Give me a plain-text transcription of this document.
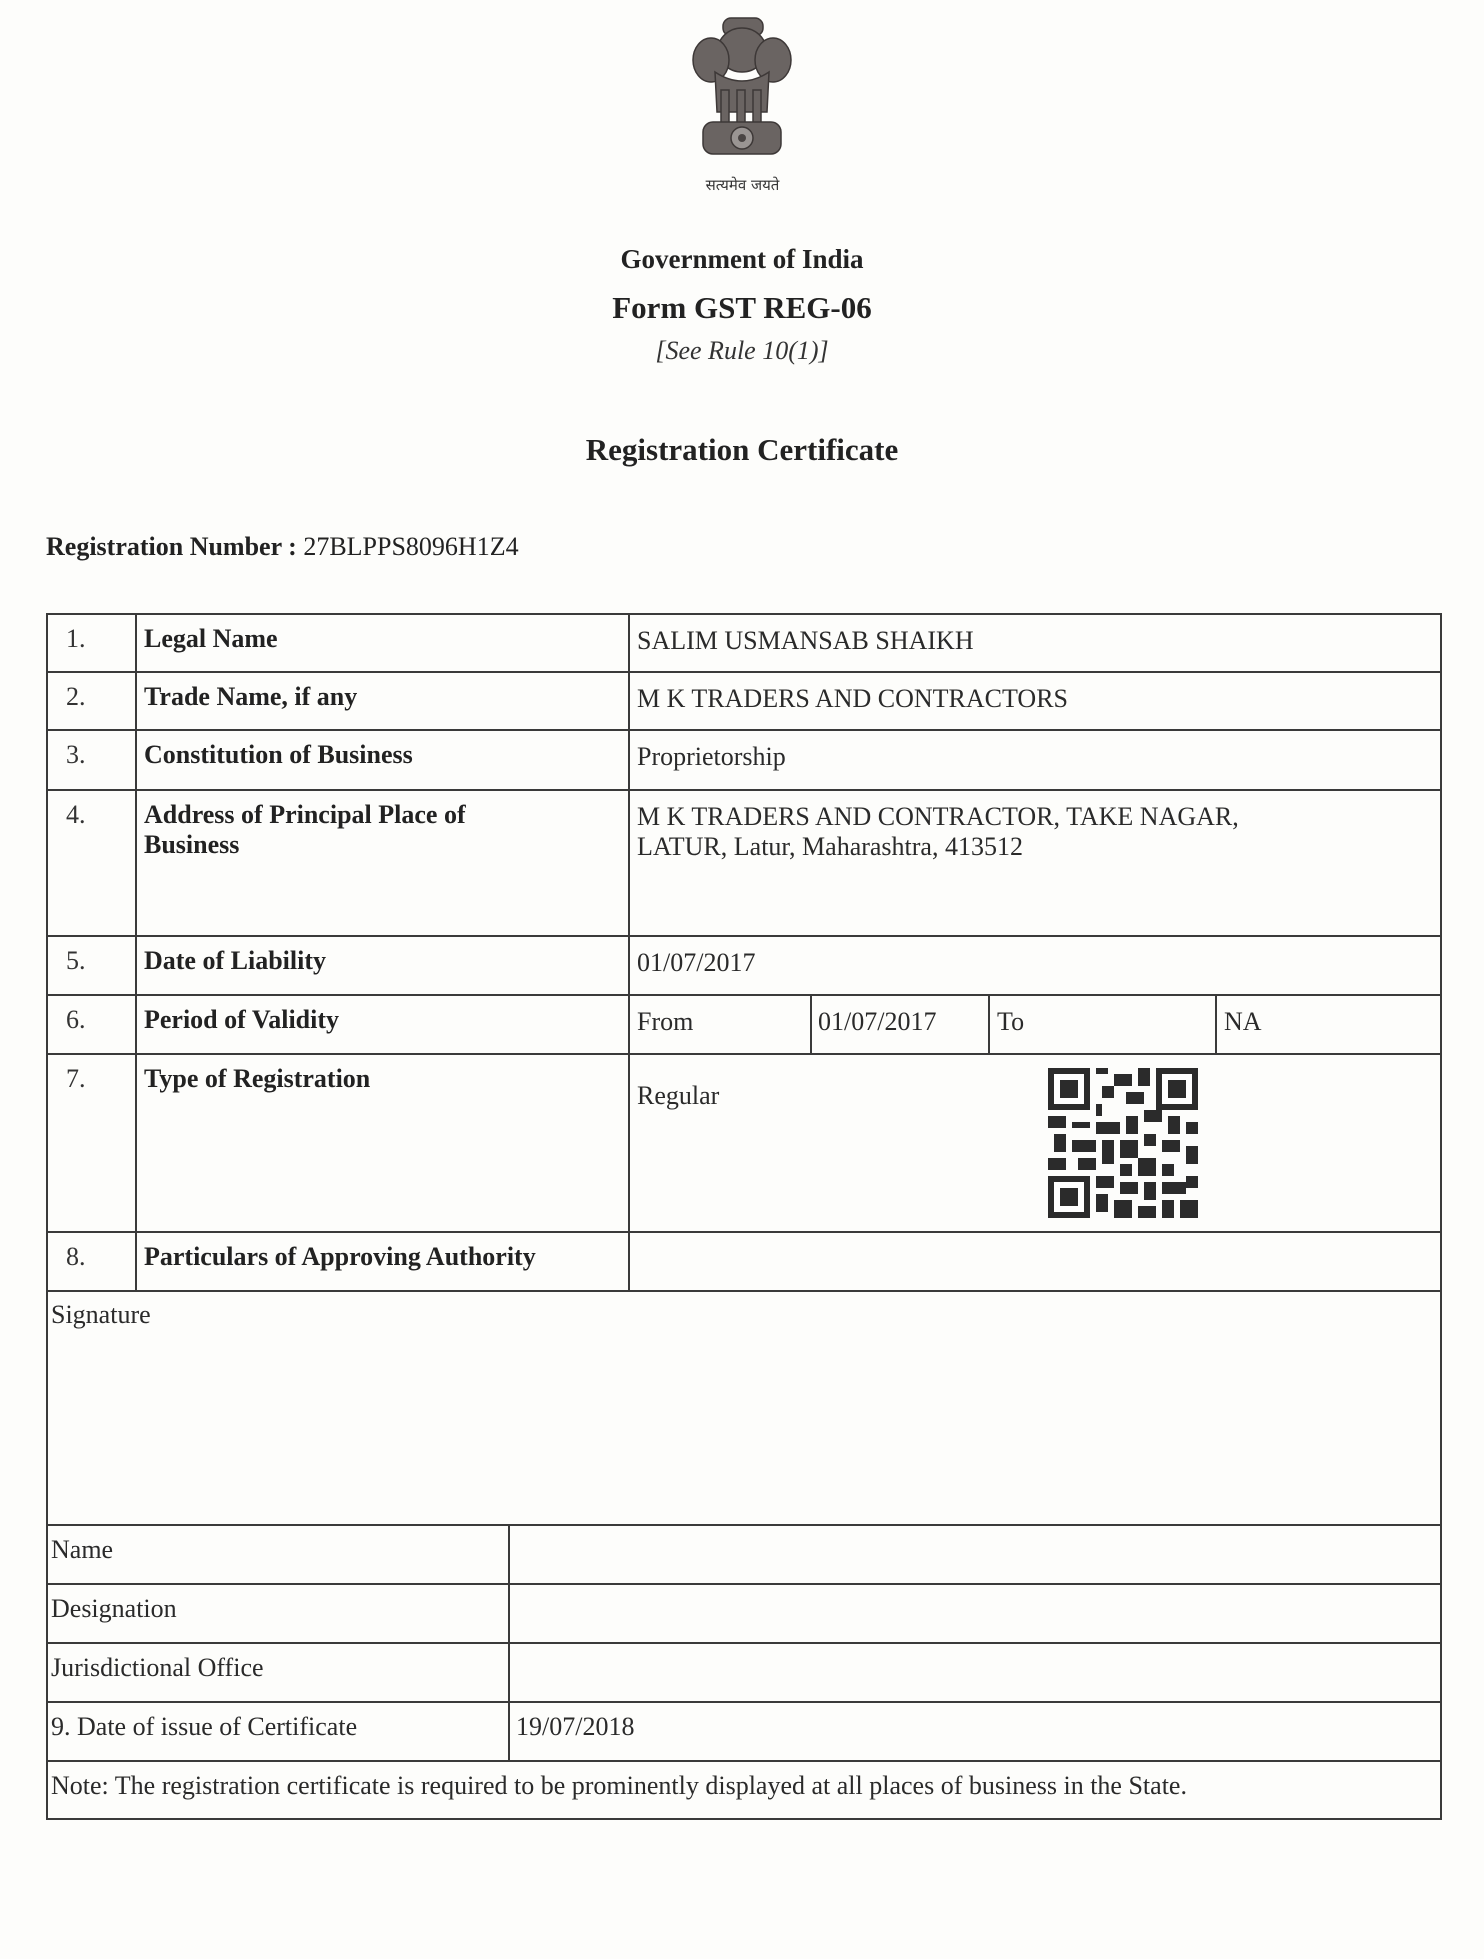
सत्यमेव जयते
Government of India
Form GST REG-06
[See Rule 10(1)]
Registration Certificate
Registration Number : 27BLPPS8096H1Z4
1. Legal Name	SALIM USMANSAB SHAIKH
2. Trade Name, if any	M K TRADERS AND CONTRACTORS
3. Constitution of Business	Proprietorship
4. Address of Principal Place of Business
M K TRADERS AND CONTRACTOR, TAKE NAGAR,
LATUR, Latur, Maharashtra, 413512
5. Date of Liability	01/07/2017
6. Period of Validity	From	01/07/2017 To	NA
7. Type of Registration
Regular
8. Particulars of Approving Authority
Signature
Name
Designation
Jurisdictional Office
9. Date of issue of Certificate	19/07/2018
Note: The registration certificate is required to be prominently displayed at all places of business in the State.
